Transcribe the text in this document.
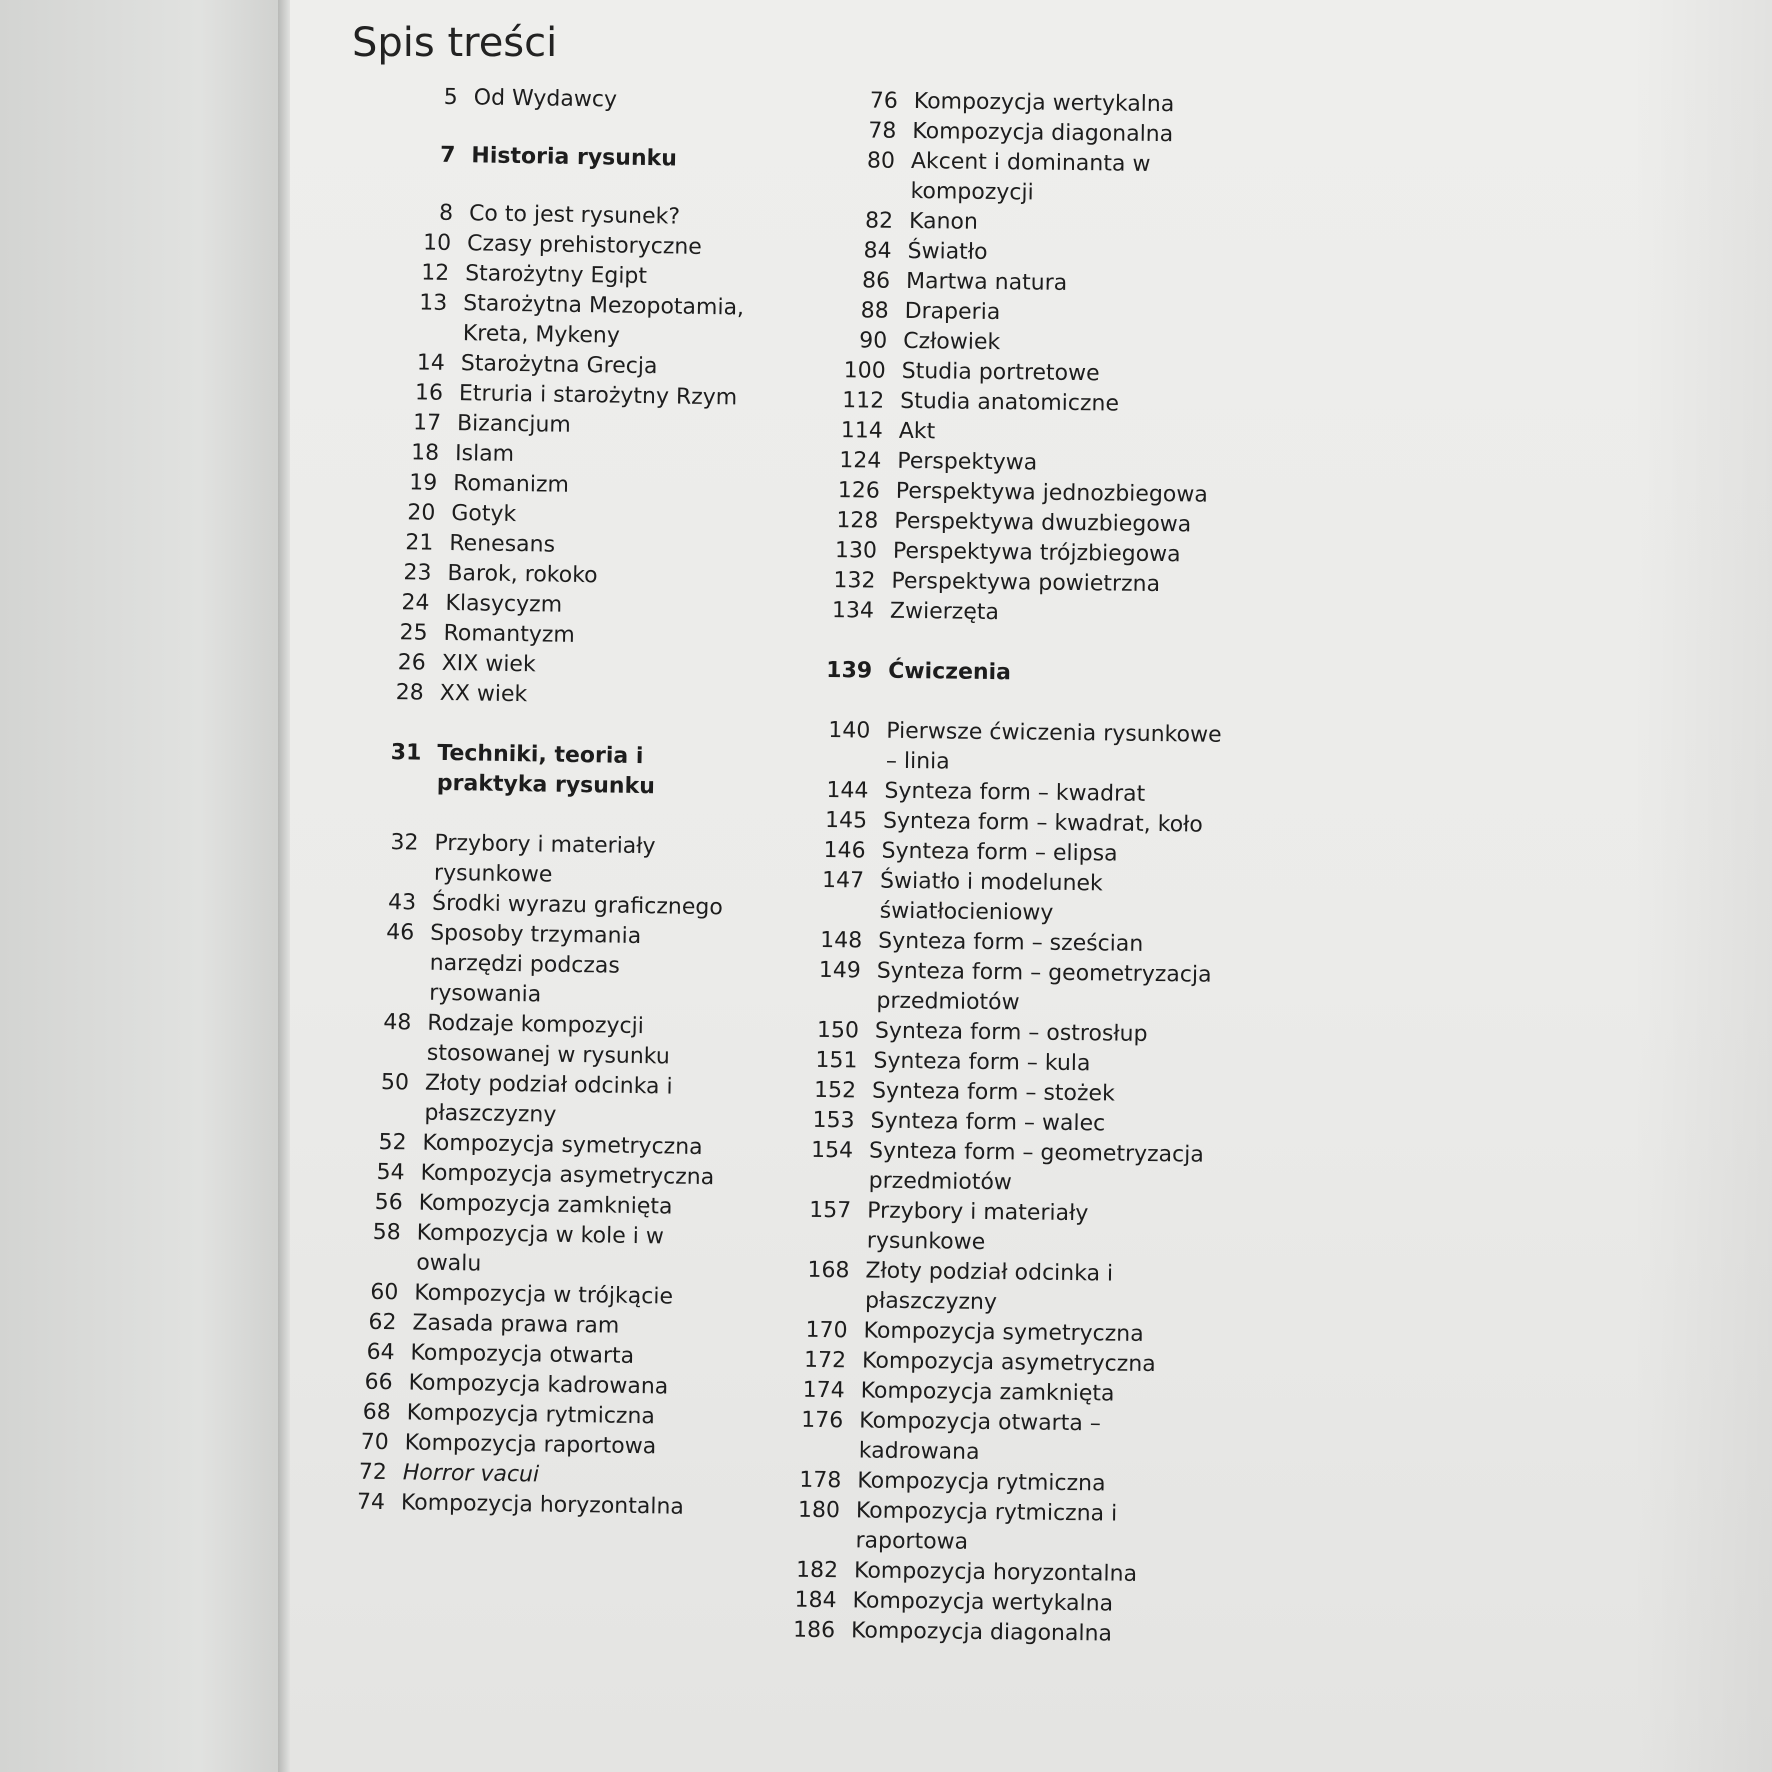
Spis treści
5 Od Wydawcy
7 Historia rysunku
8 Co to jest rysunek?
10 Czasy prehistoryczne
12 Starożytny Egipt
13 Starożytna Mezopotamia, Kreta, Mykeny
14 Starożytna Grecja
16 Etruria i starożytny Rzym
17 Bizancjum
18 Islam
19 Romanizm
20 Gotyk
21 Renesans
23 Barok, rokoko
24 Klasycyzm
25 Romantyzm
26 XIX wiek
28 XX wiek
31 Techniki, teoria i praktyka rysunku
32 Przybory i materiały rysunkowe
43 Środki wyrazu graficznego
46 Sposoby trzymania narzędzi podczas rysowania
48 Rodzaje kompozycji stosowanej w rysunku
50 Złoty podział odcinka i płaszczyzny
52 Kompozycja symetryczna
54 Kompozycja asymetryczna
56 Kompozycja zamknięta
58 Kompozycja w kole i w owalu
60 Kompozycja w trójkącie
62 Zasada prawa ram
64 Kompozycja otwarta
66 Kompozycja kadrowana
68 Kompozycja rytmiczna
70 Kompozycja raportowa
72 Horror vacui
74 Kompozycja horyzontalna
76 Kompozycja wertykalna
78 Kompozycja diagonalna
80 Akcent i dominanta w kompozycji
82 Kanon
84 Światło
86 Martwa natura
88 Draperia
90 Człowiek
100 Studia portretowe
112 Studia anatomiczne
114 Akt
124 Perspektywa
126 Perspektywa jednozbiegowa
128 Perspektywa dwuzbiegowa
130 Perspektywa trójzbiegowa
132 Perspektywa powietrzna
134 Zwierzęta
139 Ćwiczenia
140 Pierwsze ćwiczenia rysunkowe – linia
144 Synteza form – kwadrat
145 Synteza form – kwadrat, koło
146 Synteza form – elipsa
147 Światło i modelunek światłocieniowy
148 Synteza form – sześcian
149 Synteza form – geometryzacja przedmiotów
150 Synteza form – ostrosłup
151 Synteza form – kula
152 Synteza form – stożek
153 Synteza form – walec
154 Synteza form – geometryzacja przedmiotów
157 Przybory i materiały rysunkowe
168 Złoty podział odcinka i płaszczyzny
170 Kompozycja symetryczna
172 Kompozycja asymetryczna
174 Kompozycja zamknięta
176 Kompozycja otwarta – kadrowana
178 Kompozycja rytmiczna
180 Kompozycja rytmiczna i raportowa
182 Kompozycja horyzontalna
184 Kompozycja wertykalna
186 Kompozycja diagonalna
